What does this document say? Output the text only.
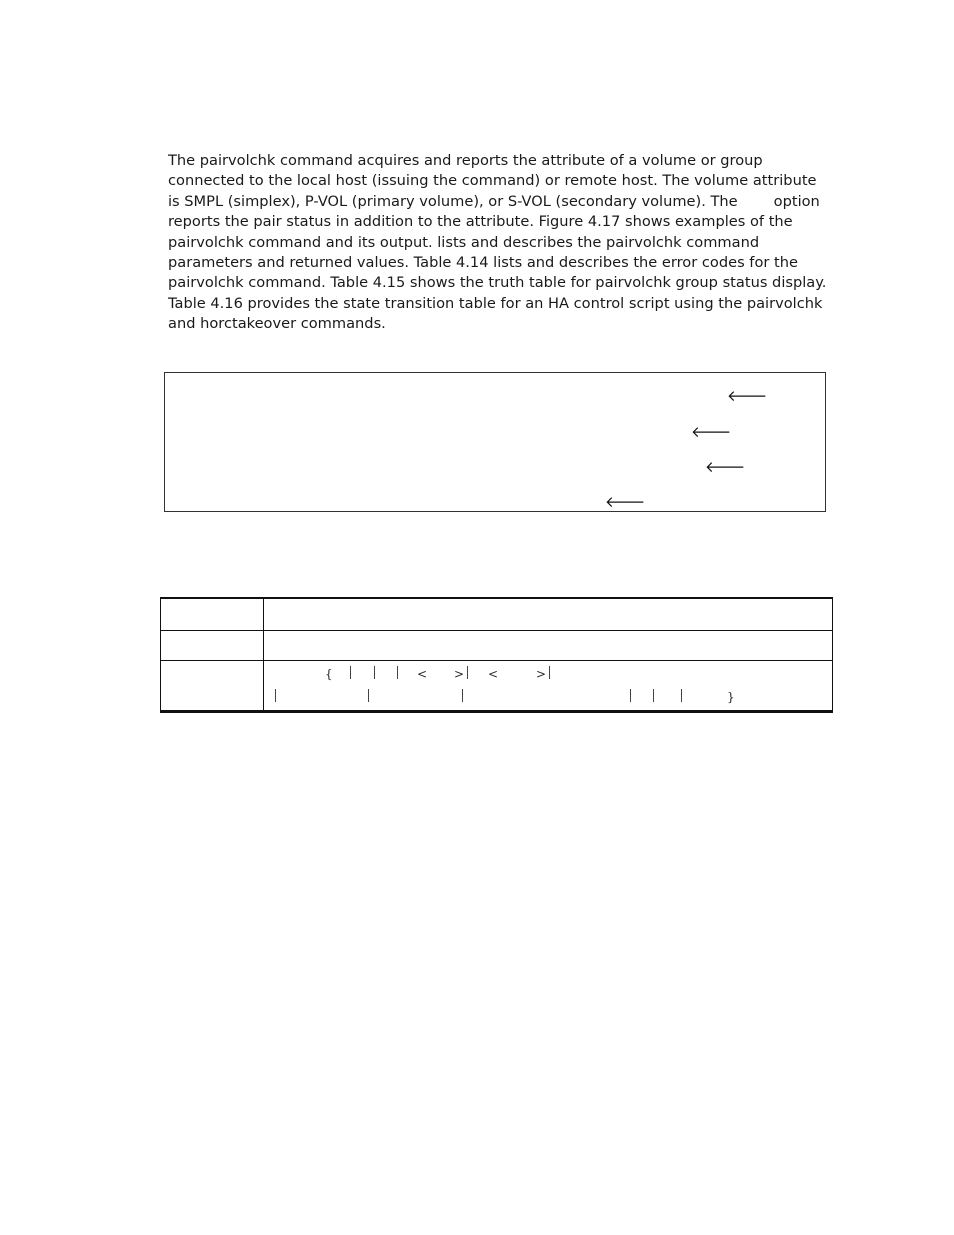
The pairvolchk command acquires and reports the attribute of a volume or group connected to the local host (issuing the command) or remote host. The volume attribute is SMPL (simplex), P-VOL (primary volume), or S-VOL (secondary volume). The option reports the pair status in addition to the attribute. Figure 4.17 shows examples of the pairvolchk command and its output. lists and describes the pairvolchk command parameters and returned values. Table 4.14 lists and describes the error codes for the pairvolchk command. Table 4.15 shows the truth table for pairvolchk group status display. Table 4.16 provides the state transition table for an HA control script using the pairvolchk and horctakeover commands.

🡐
🡐
🡐
🡐
{	< > <	>
}
